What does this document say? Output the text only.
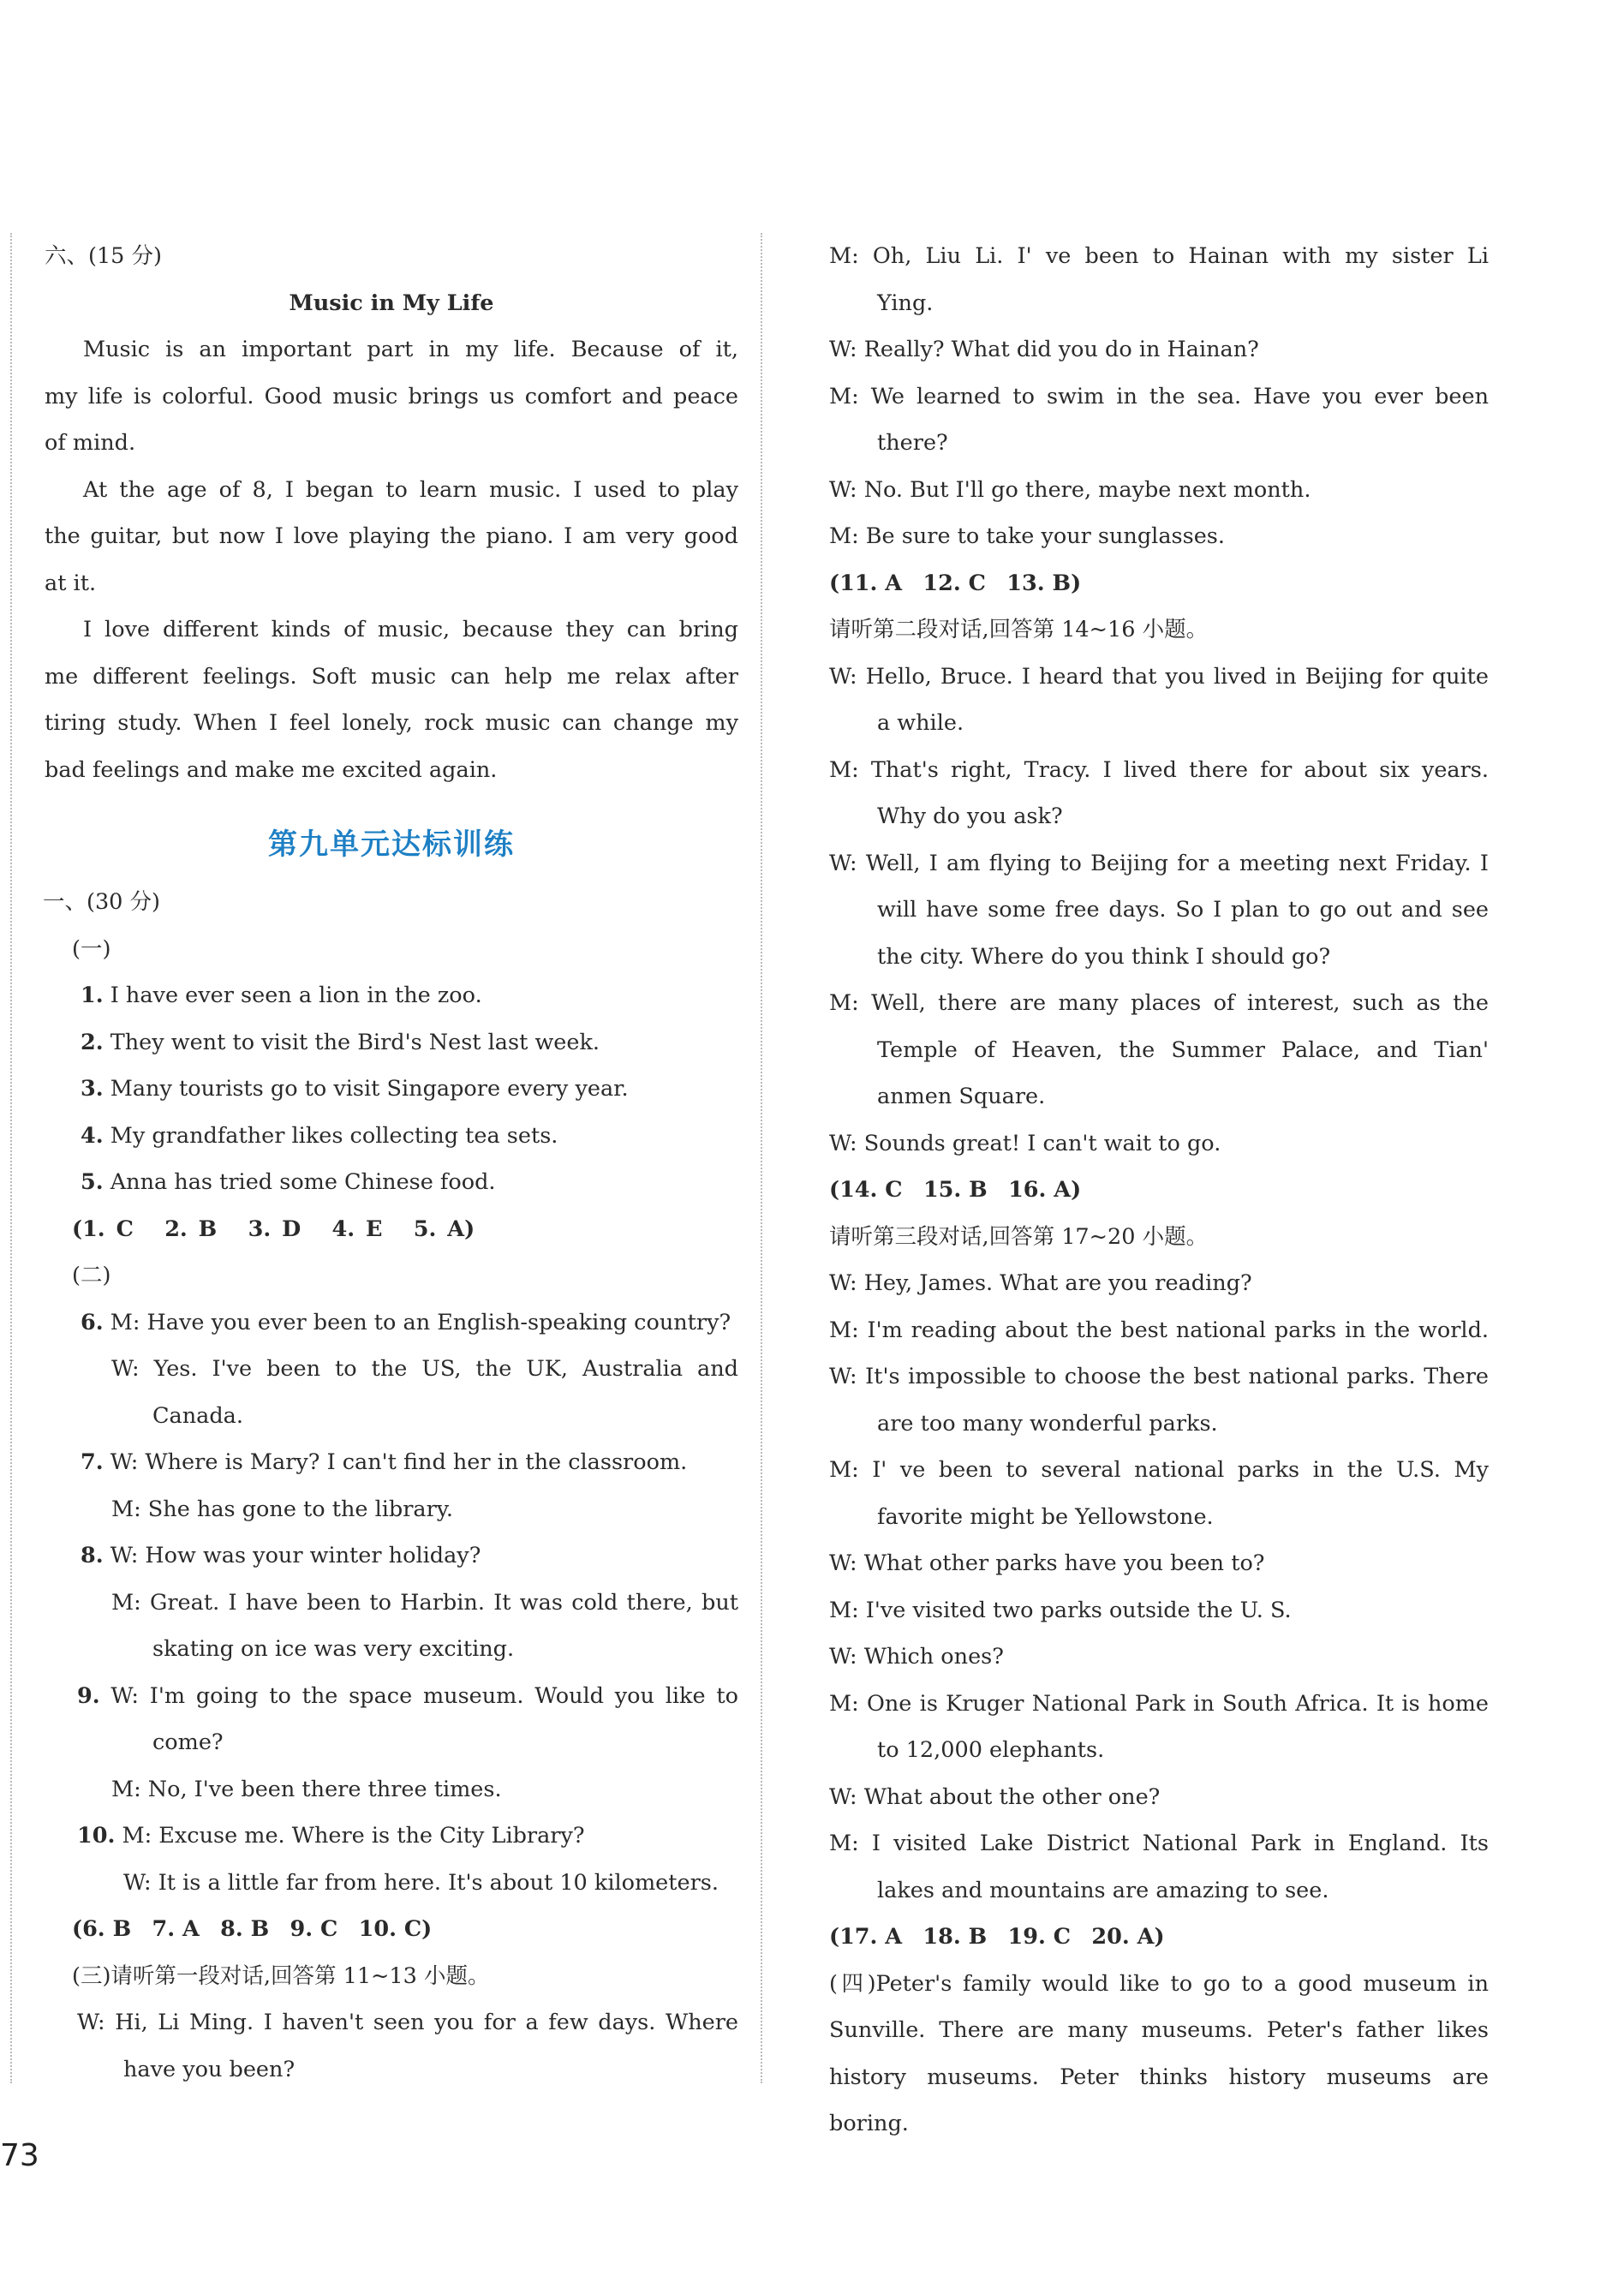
六、(15 分)
Music in My Life
Music is an important part in my life. Because of it,
my life is colorful. Good music brings us comfort and peace
of mind.
At the age of 8, I began to learn music. I used to play
the guitar, but now I love playing the piano. I am very good
at it.
I love different kinds of music, because they can bring
me different feelings. Soft music can help me relax after
tiring study. When I feel lonely, rock music can change my
bad feelings and make me excited again.
第九单元达标训练
一、(30 分)
(一)
1. I have ever seen a lion in the zoo.
2. They went to visit the Bird's Nest last week.
3. Many tourists go to visit Singapore every year.
4. My grandfather likes collecting tea sets.
5. Anna has tried some Chinese food.
(1. C 2. B 3. D 4. E 5. A)
(二)
6. M: Have you ever been to an English-speaking country?
W: Yes. I've been to the US, the UK, Australia and
Canada.
7. W: Where is Mary? I can't find her in the classroom.
M: She has gone to the library.
8. W: How was your winter holiday?
M: Great. I have been to Harbin. It was cold there, but
skating on ice was very exciting.
9. W: I'm going to the space museum. Would you like to
come?
M: No, I've been there three times.
10. M: Excuse me. Where is the City Library?
W: It is a little far from here. It's about 10 kilometers.
(6. B 7. A 8. B 9. C 10. C)
(三)请听第一段对话,回答第 11~13 小题。
W: Hi, Li Ming. I haven't seen you for a few days. Where
have you been?
M: Oh, Liu Li. I' ve been to Hainan with my sister Li
Ying.
W: Really? What did you do in Hainan?
M: We learned to swim in the sea. Have you ever been
there?
W: No. But I'll go there, maybe next month.
M: Be sure to take your sunglasses.
(11. A 12. C 13. B)
请听第二段对话,回答第 14~16 小题。
W: Hello, Bruce. I heard that you lived in Beijing for quite
a while.
M: That's right, Tracy. I lived there for about six years.
Why do you ask?
W: Well, I am flying to Beijing for a meeting next Friday. I
will have some free days. So I plan to go out and see
the city. Where do you think I should go?
M: Well, there are many places of interest, such as the
Temple of Heaven, the Summer Palace, and Tian'
anmen Square.
W: Sounds great! I can't wait to go.
(14. C 15. B 16. A)
请听第三段对话,回答第 17~20 小题。
W: Hey, James. What are you reading?
M: I'm reading about the best national parks in the world.
W: It's impossible to choose the best national parks. There
are too many wonderful parks.
M: I' ve been to several national parks in the U.S. My
favorite might be Yellowstone.
W: What other parks have you been to?
M: I've visited two parks outside the U. S.
W: Which ones?
M: One is Kruger National Park in South Africa. It is home
to 12,000 elephants.
W: What about the other one?
M: I visited Lake District National Park in England. Its
lakes and mountains are amazing to see.
(17. A 18. B 19. C 20. A)
(四)Peter's family would like to go to a good museum in
Sunville. There are many museums. Peter's father likes
history museums. Peter thinks history museums are boring.
73
